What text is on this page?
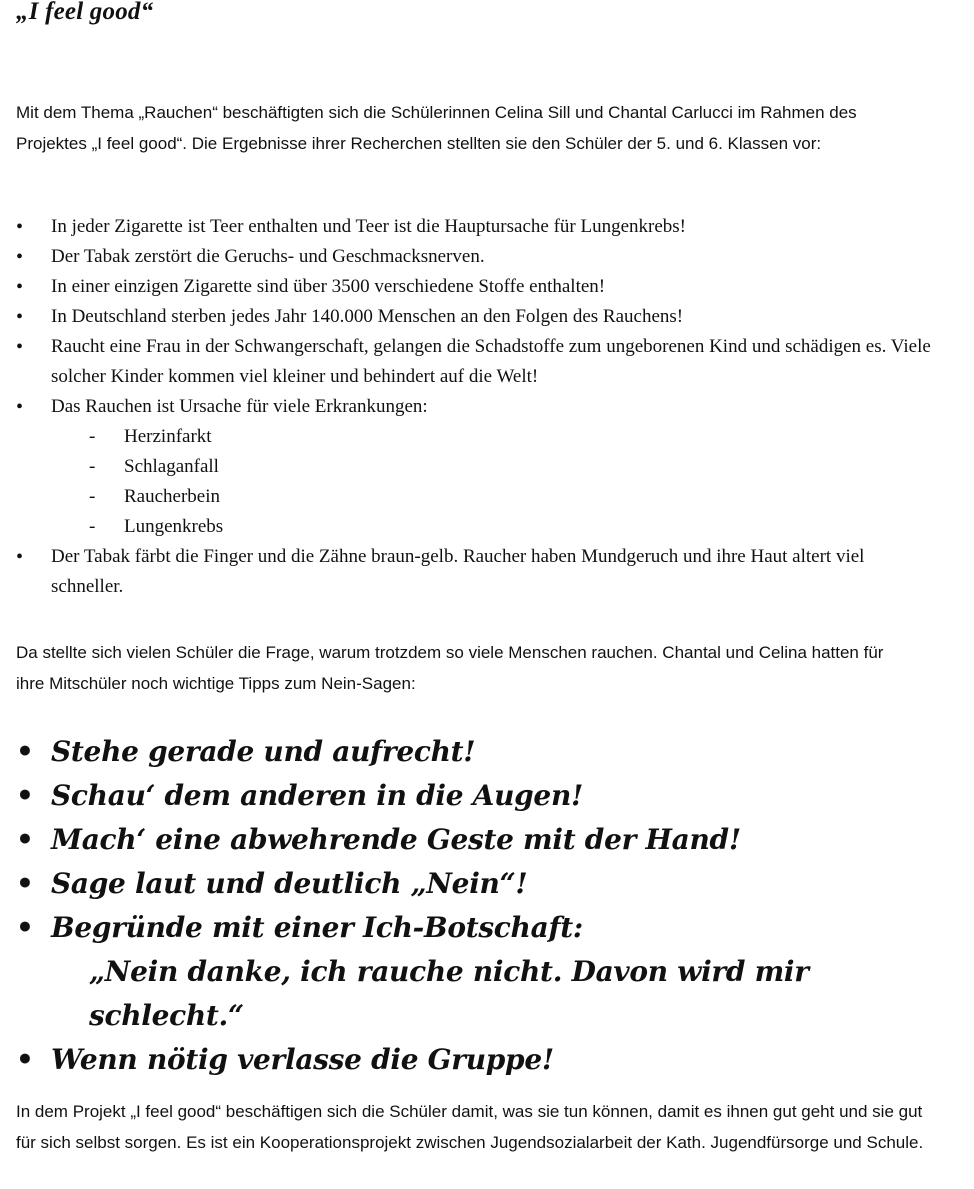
„I feel good“

Mit dem Thema „Rauchen“ beschäftigten sich die Schülerinnen Celina Sill und Chantal Carlucci im Rahmen des Projektes „I feel good“. Die Ergebnisse ihrer Recherchen stellten sie den Schüler der 5. und 6. Klassen vor:

• In jeder Zigarette ist Teer enthalten und Teer ist die Hauptursache für Lungenkrebs!
• Der Tabak zerstört die Geruchs- und Geschmacksnerven.
• In einer einzigen Zigarette sind über 3500 verschiedene Stoffe enthalten!
• In Deutschland sterben jedes Jahr 140.000 Menschen an den Folgen des Rauchens!
• Raucht eine Frau in der Schwangerschaft, gelangen die Schadstoffe zum ungeborenen Kind und schädigen es. Viele solcher Kinder kommen viel kleiner und behindert auf die Welt!
• Das Rauchen ist Ursache für viele Erkrankungen:
- Herzinfarkt
- Schlaganfall
- Raucherbein
- Lungenkrebs
• Der Tabak färbt die Finger und die Zähne braun-gelb. Raucher haben Mundgeruch und ihre Haut altert viel schneller.

Da stellte sich vielen Schüler die Frage, warum trotzdem so viele Menschen rauchen. Chantal und Celina hatten für ihre Mitschüler noch wichtige Tipps zum Nein-Sagen:

• Stehe gerade und aufrecht!
• Schau‘ dem anderen in die Augen!
• Mach‘ eine abwehrende Geste mit der Hand!
• Sage laut und deutlich „Nein“!
• Begründe mit einer Ich-Botschaft:
„Nein danke, ich rauche nicht. Davon wird mir schlecht.“
• Wenn nötig verlasse die Gruppe!

In dem Projekt „I feel good“ beschäftigen sich die Schüler damit, was sie tun können, damit es ihnen gut geht und sie gut für sich selbst sorgen. Es ist ein Kooperationsprojekt zwischen Jugendsozialarbeit der Kath. Jugendfürsorge und Schule.
